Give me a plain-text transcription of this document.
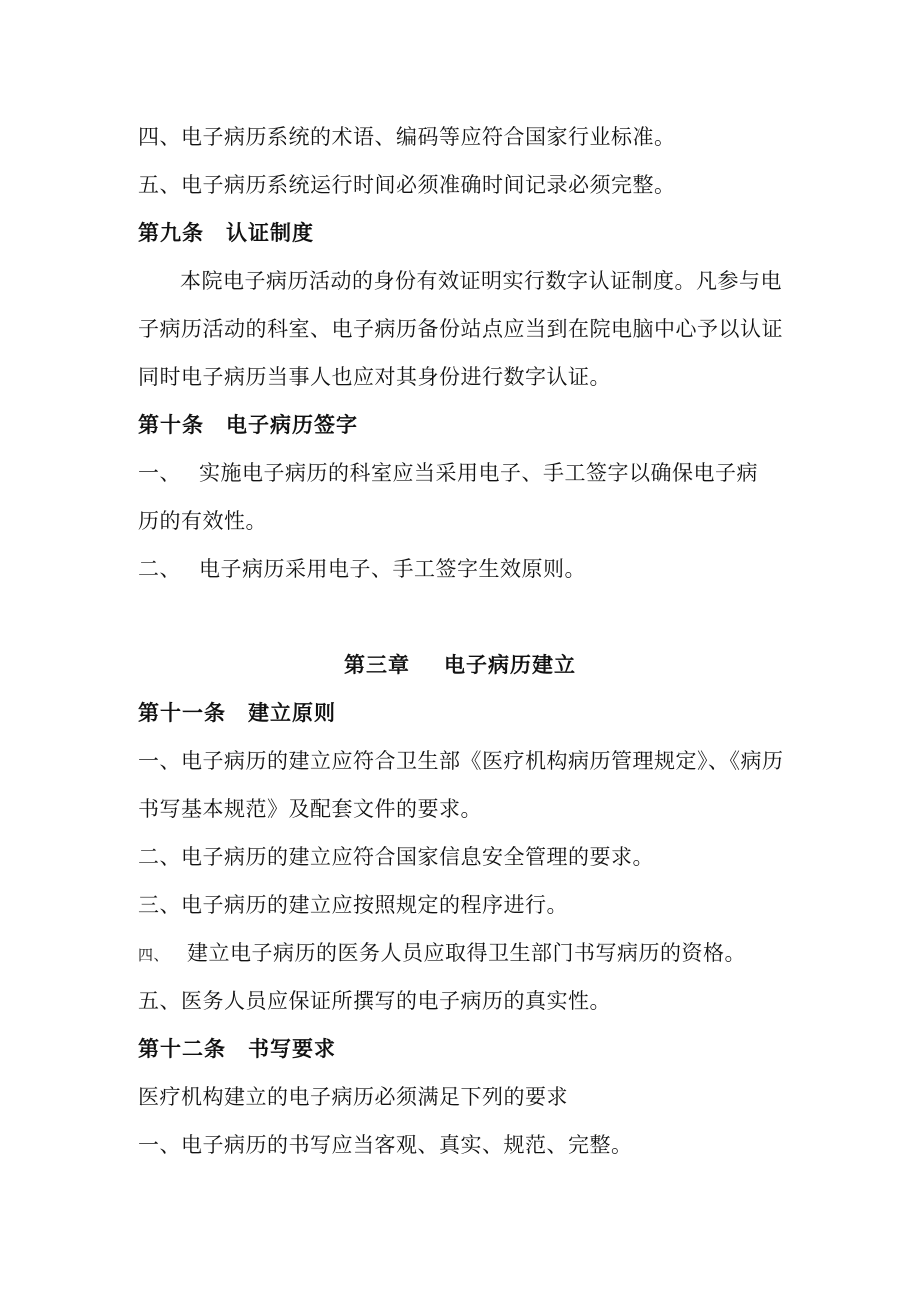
四、电子病历系统的术语、编码等应符合国家行业标准。
五、电子病历系统运行时间必须准确时间记录必须完整。
第九条 认证制度
本院电子病历活动的身份有效证明实行数字认证制度。凡参与电
子病历活动的科室、电子病历备份站点应当到在院电脑中心予以认证
同时电子病历当事人也应对其身份进行数字认证。
第十条 电子病历签字
一、 实施电子病历的科室应当采用电子、手工签字以确保电子病
历的有效性。
二、 电子病历采用电子、手工签字生效原则。
第三章 电子病历建立
第十一条 建立原则
一、电子病历的建立应符合卫生部《医疗机构病历管理规定》、《病历
书写基本规范》及配套文件的要求。
二、电子病历的建立应符合国家信息安全管理的要求。
三、电子病历的建立应按照规定的程序进行。
四、 建立电子病历的医务人员应取得卫生部门书写病历的资格。
五、医务人员应保证所撰写的电子病历的真实性。
第十二条 书写要求
医疗机构建立的电子病历必须满足下列的要求
一、电子病历的书写应当客观、真实、规范、完整。
